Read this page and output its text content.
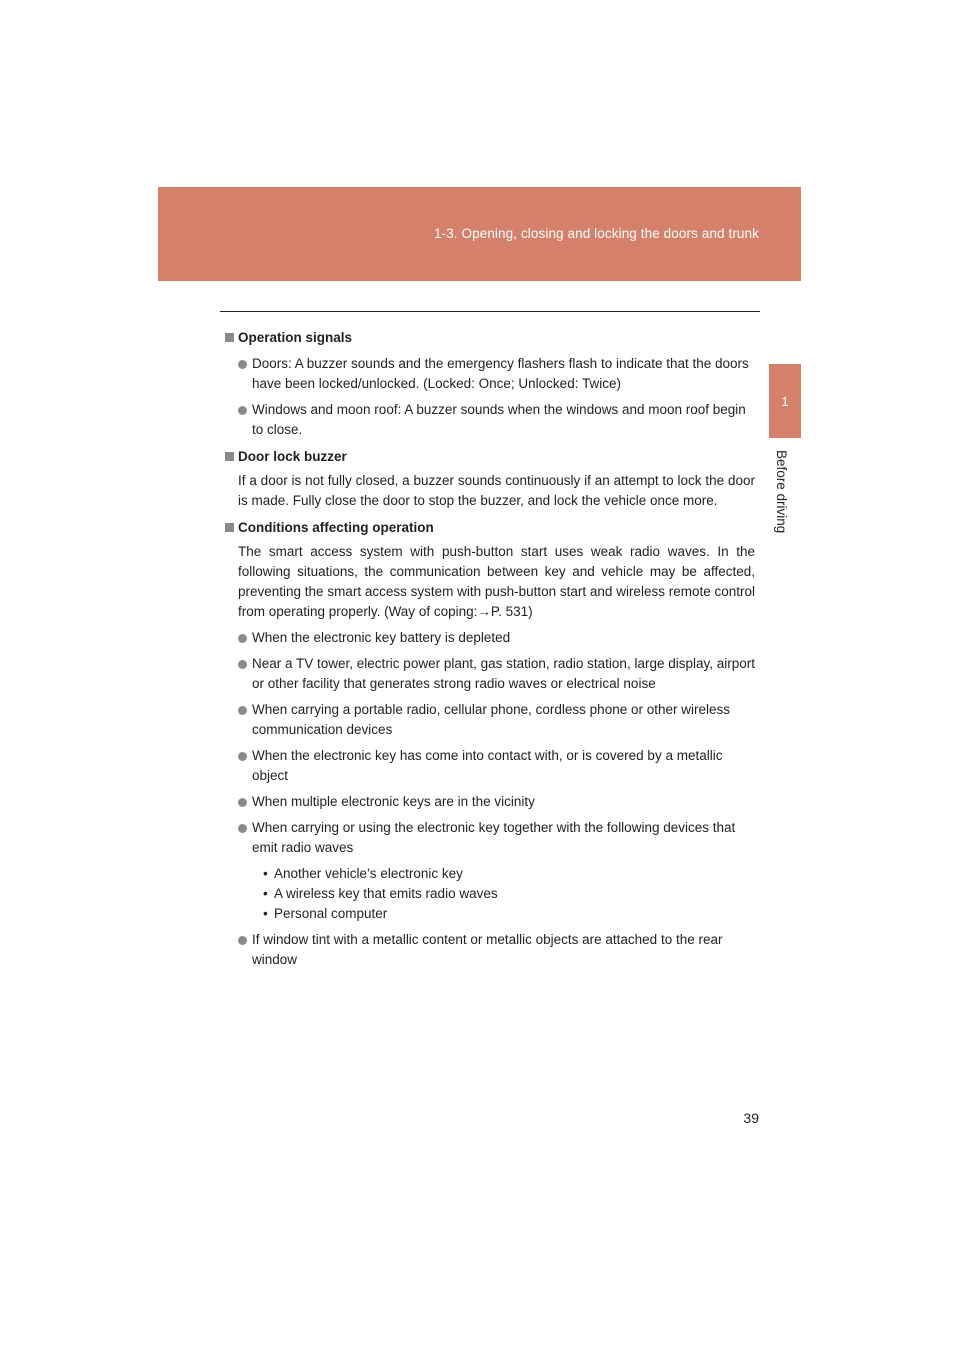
1-3. Opening, closing and locking the doors and trunk
1
Before driving
Operation signals
Doors: A buzzer sounds and the emergency flashers flash to indicate that the doors have been locked/unlocked. (Locked: Once; Unlocked: Twice)
Windows and moon roof: A buzzer sounds when the windows and moon roof begin to close.
Door lock buzzer
If a door is not fully closed, a buzzer sounds continuously if an attempt to lock the door is made. Fully close the door to stop the buzzer, and lock the vehicle once more.
Conditions affecting operation
The smart access system with push-button start uses weak radio waves. In the following situations, the communication between key and vehicle may be affected, preventing the smart access system with push-button start and wireless remote control from operating properly. (Way of coping:→P. 531)
When the electronic key battery is depleted
Near a TV tower, electric power plant, gas station, radio station, large display, airport or other facility that generates strong radio waves or electrical noise
When carrying a portable radio, cellular phone, cordless phone or other wireless communication devices
When the electronic key has come into contact with, or is covered by a metallic object
When multiple electronic keys are in the vicinity
When carrying or using the electronic key together with the following devices that emit radio waves
• Another vehicle’s electronic key
• A wireless key that emits radio waves
• Personal computer
If window tint with a metallic content or metallic objects are attached to the rear window
39
